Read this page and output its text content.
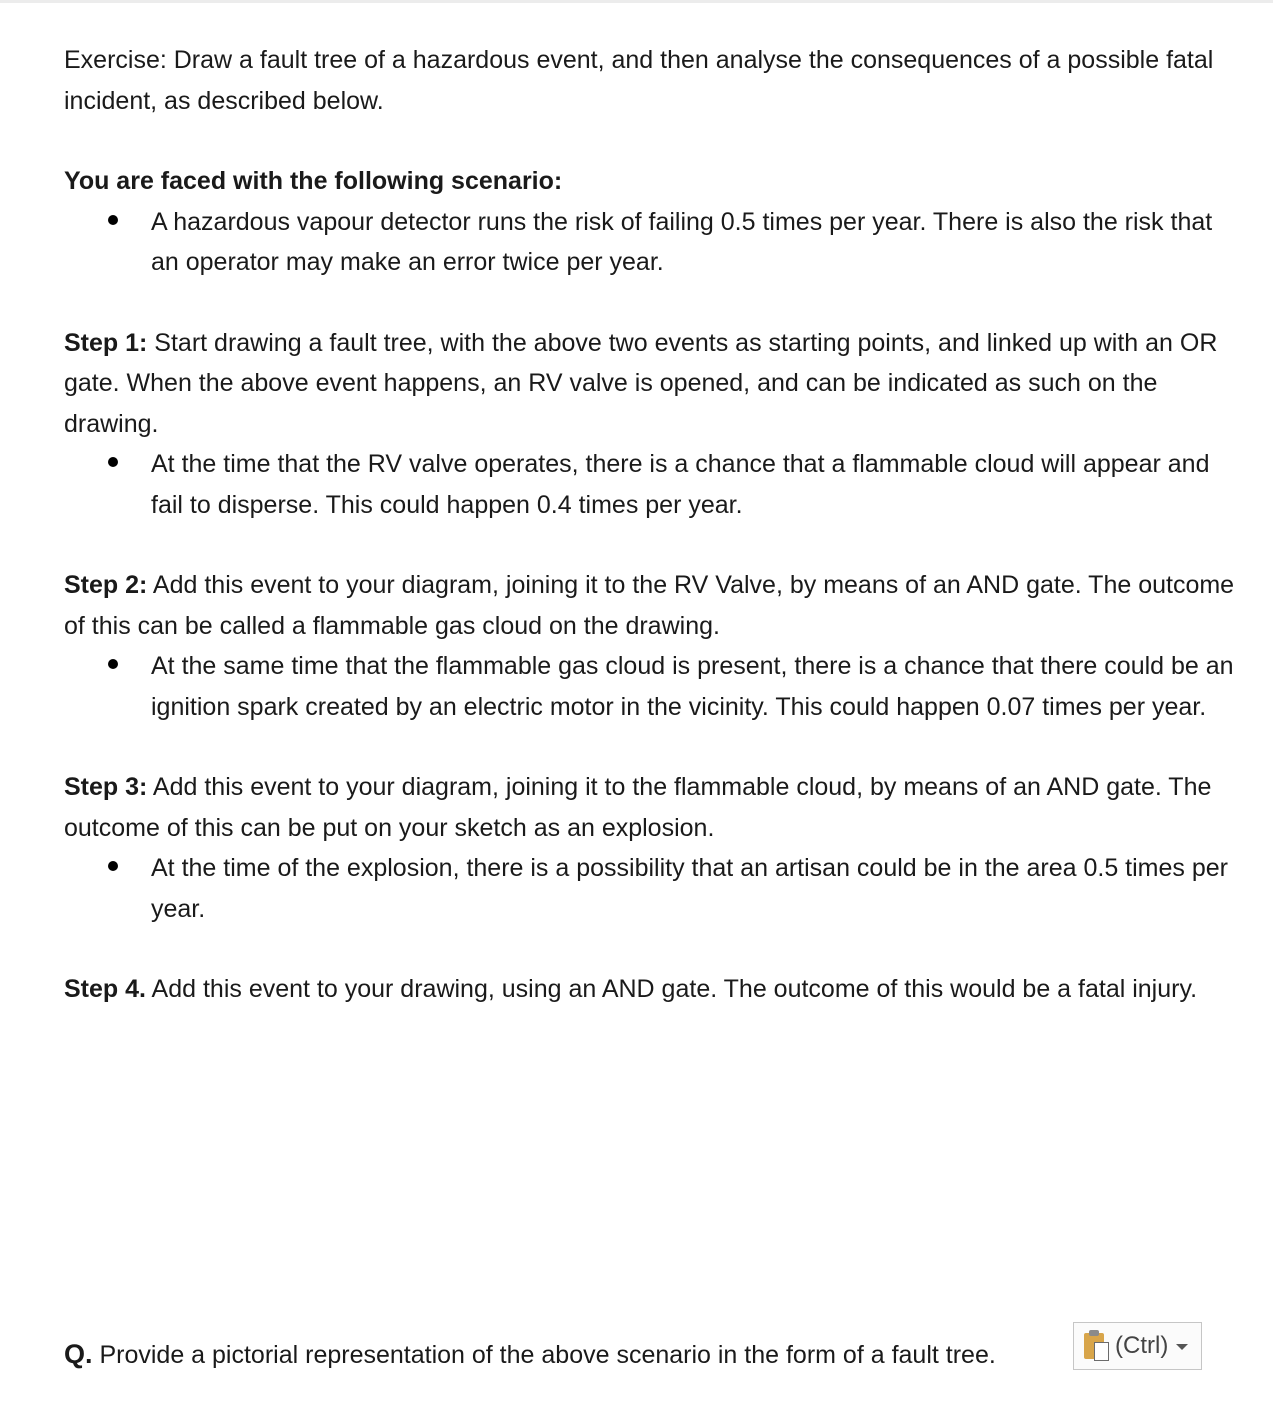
Exercise: Draw a fault tree of a hazardous event, and then analyse the consequences of a possible fatal incident, as described below.

You are faced with the following scenario:

A hazardous vapour detector runs the risk of failing 0.5 times per year. There is also the risk that an operator may make an error twice per year.

Step 1: Start drawing a fault tree, with the above two events as starting points, and linked up with an OR gate. When the above event happens, an RV valve is opened, and can be indicated as such on the drawing.

At the time that the RV valve operates, there is a chance that a flammable cloud will appear and fail to disperse. This could happen 0.4 times per year.

Step 2: Add this event to your diagram, joining it to the RV Valve, by means of an AND gate. The outcome of this can be called a flammable gas cloud on the drawing.

At the same time that the flammable gas cloud is present, there is a chance that there could be an ignition spark created by an electric motor in the vicinity. This could happen 0.07 times per year.

Step 3: Add this event to your diagram, joining it to the flammable cloud, by means of an AND gate. The outcome of this can be put on your sketch as an explosion.

At the time of the explosion, there is a possibility that an artisan could be in the area 0.5 times per year.

Step 4. Add this event to your drawing, using an AND gate. The outcome of this would be a fatal injury.

Q. Provide a pictorial representation of the above scenario in the form of a fault tree.	(Ctrl)
